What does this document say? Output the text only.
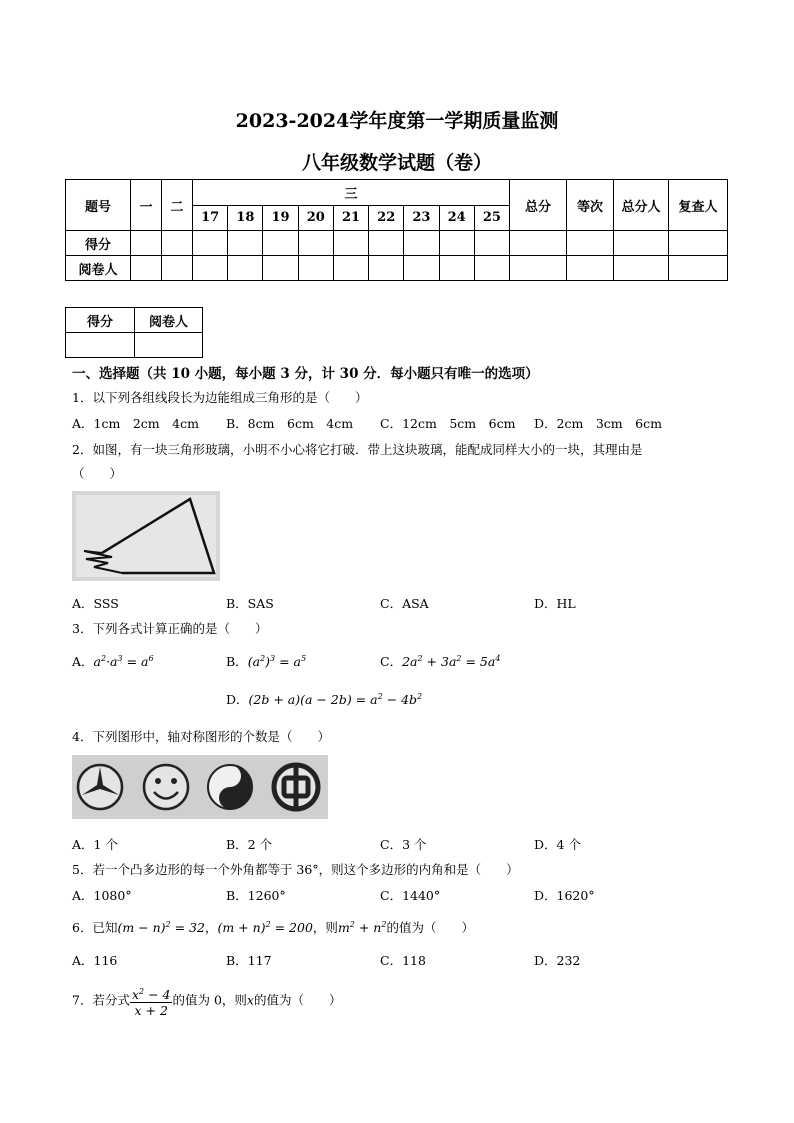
2023-2024学年度第一学期质量监测
八年级数学试题（卷）
题号	一	二	三									总分	等次	总分人	复查人
			17	18	19	20	21	22	23	24	25				
得分															
阅卷人															
得分	阅卷人

一、选择题（共 10 小题，每小题 3 分，计 30 分．每小题只有唯一的选项）
1．以下列各组线段长为边能组成三角形的是（　　）
A．1cm　2cm　4cm B．8cm　6cm　4cm C．12cm　5cm　6cm D．2cm　3cm　6cm
2．如图，有一块三角形玻璃，小明不小心将它打破．带上这块玻璃，能配成同样大小的一块，其理由是
（　　）
A．SSS	B．SAS	C．ASA	D．HL
3．下列各式计算正确的是（　　）
A．$a^2\cdot a^3 = a^6$	B．$(a^2)^3 = a^5$	C．$2a^2 + 3a^2 = 5a^4$
D．$(2b + a)(a - 2b) = a^2 - 4b^2$
4．下列图形中，轴对称图形的个数是（　　）
A．1 个	B．2 个	C．3 个	D．4 个
5．若一个凸多边形的每一个外角都等于 36°，则这个多边形的内角和是（　　）
A．1080°	B．1260°	C．1440°	D．1620°
6．已知$(m - n)^2 = 32$，$(m + n)^2 = 200$，则$m^2 + n^2$的值为（　　）
A．116	B．117	C．118	D．232
7．若分式 $\frac{x^2 - 4}{x + 2}$ 的值为 0，则x的值为（　　）
